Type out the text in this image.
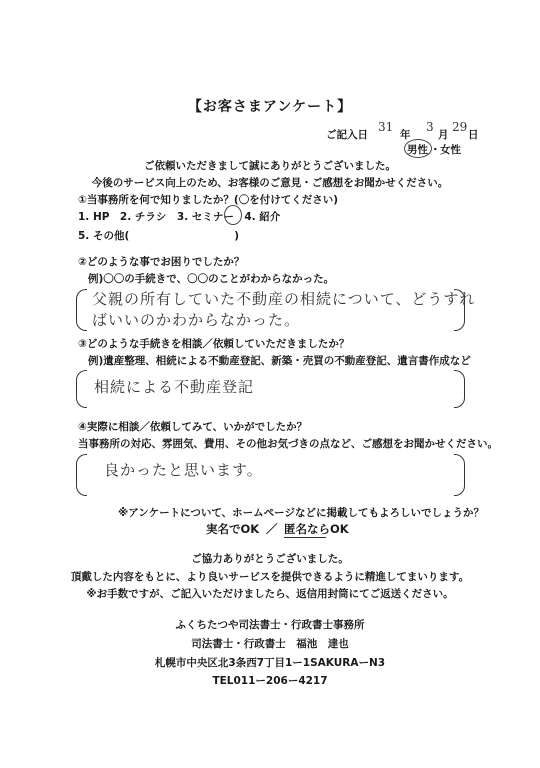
【お客さまアンケート】
ご記入日
31
年
3
月
29
日
男性 ・ 女性
ご依頼いただきまして誠にありがとうございました。
今後のサービス向上のため、お客様のご意見・ご感想をお聞かせください。
①当事務所を何で知りましたか？(〇を付けてください)
1. HP　2. チラシ　3. セミナー　4. 紹介
5. その他(　　　　　　　　　　)
②どのような事でお困りでしたか？
例)〇〇の手続きで、〇〇のことがわからなかった。
父親の所有していた不動産の相続について、どうすれ
ばいいのかわからなかった。
③どのような手続きを相談／依頼していただきましたか？
例)遺産整理、相続による不動産登記、新築・売買の不動産登記、遺言書作成など
相続による不動産登記
④実際に相談／依頼してみて、いかがでしたか？
当事務所の対応、雰囲気、費用、その他お気づきの点など、ご感想をお聞かせください。
良かったと思います。
※アンケートについて、ホームページなどに掲載してもよろしいでしょうか？
実名でOK ／ 匿名ならOK
ご協力ありがとうございました。
頂戴した内容をもとに、より良いサービスを提供できるように精進してまいります。
※お手数ですが、ご記入いただけましたら、返信用封筒にてご返送ください。
ふくちたつや司法書士・行政書士事務所
司法書士・行政書士　福池　達也
札幌市中央区北3条西7丁目1ー1SAKURAーN3
TEL011ー206ー4217
